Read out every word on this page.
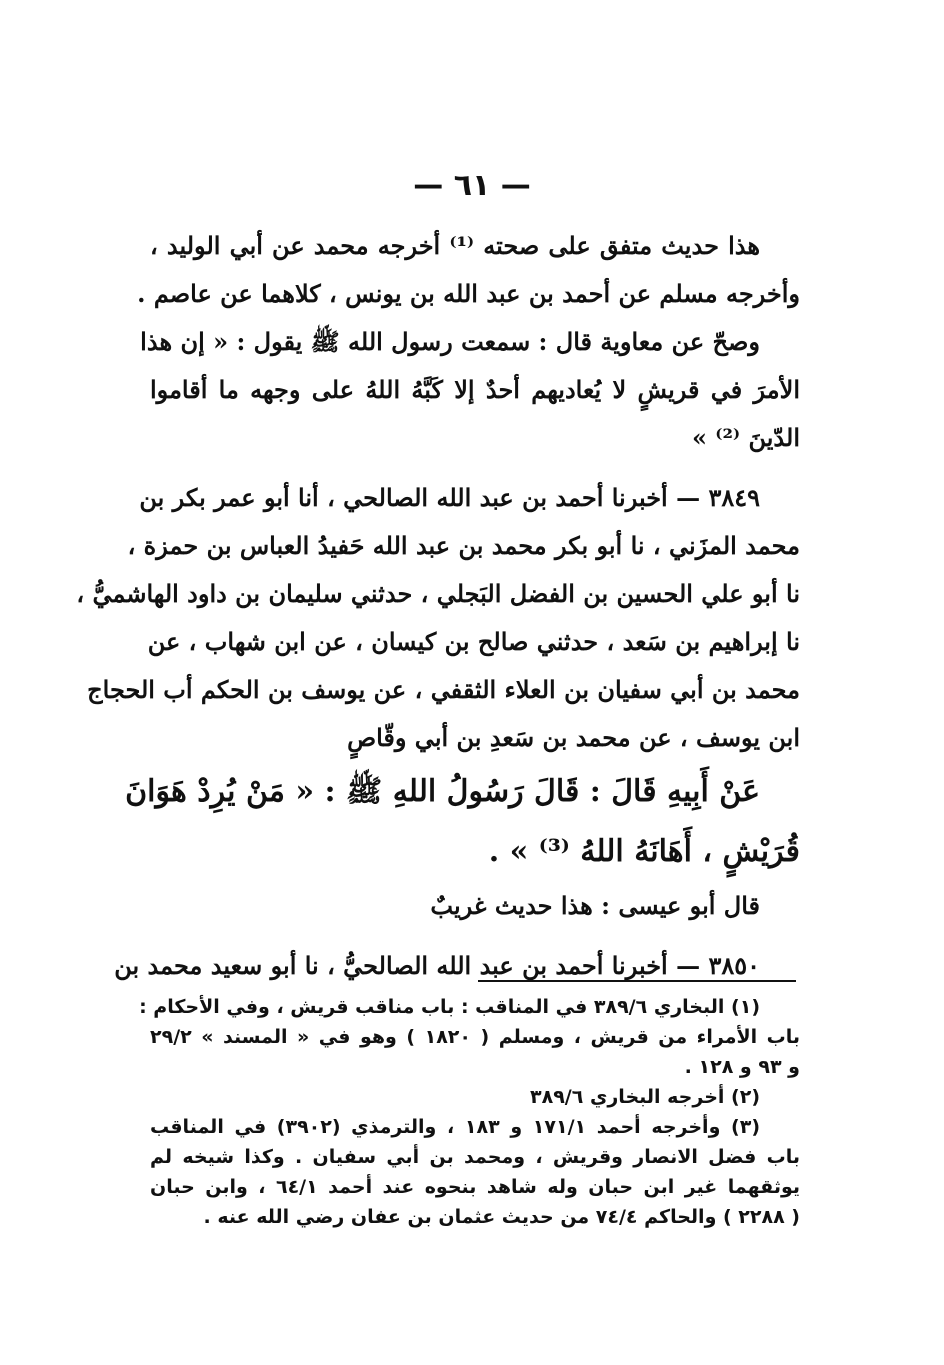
— ٦١ —
هذا حديث متفق على صحته ⁽¹⁾ أخرجه محمد عن أبي الوليد ،
وأخرجه مسلم عن أحمد بن عبد الله بن يونس ، كلاهما عن عاصم .
وصحّ عن معاوية قال : سمعت رسول الله ﷺ يقول : « إن هذا
الأمرَ في قريشٍ لا يُعاديهم أحدٌ إلا كَبَّهُ اللهُ على وجهه ما أقاموا
الدّينَ ⁽²⁾ »
٣٨٤٩ — أخبرنا أحمد بن عبد الله الصالحي ، أنا أبو عمر بكر بن
محمد المزَني ، نا أبو بكر محمد بن عبد الله حَفيدُ العباس بن حمزة ،
نا أبو علي الحسين بن الفضل البَجلي ، حدثني سليمان بن داود الهاشميُّ ،
نا إبراهيم بن سَعد ، حدثني صالح بن كيسان ، عن ابن شهاب ، عن
محمد بن أبي سفيان بن العلاء الثقفي ، عن يوسف بن الحكم أب الحجاج
ابن يوسف ، عن محمد بن سَعدِ بن أبي وقّاصٍ
عَنْ أَبِيهِ قَالَ : قَالَ رَسُولُ اللهِ ﷺ : « مَنْ يُرِدْ هَوَانَ
قُرَيْشٍ ، أَهَانَهُ اللهُ ⁽³⁾ » .
قال أبو عيسى : هذا حديث غريبٌ
٣٨٥٠ — أخبرنا أحمد بن عبد الله الصالحيُّ ، نا أبو سعيد محمد بن
(١) البخاري ٣٨٩/٦ في المناقب : باب مناقب قريش ، وفي الأحكام :
باب الأمراء من قريش ، ومسلم ( ١٨٢٠ ) وهو في « المسند » ٢٩/٢
و ٩٣ و ١٢٨ .
(٢) أخرجه البخاري ٣٨٩/٦
(٣) وأخرجه أحمد ١٧١/١ و ١٨٣ ، والترمذي (٣٩٠٢) في المناقب
باب فضل الانصار وقريش ، ومحمد بن أبي سفيان . وكذا شيخه لم
يوثقهما غير ابن حبان وله شاهد بنحوه عند أحمد ٦٤/١ ، وابن حبان
( ٢٢٨٨ ) والحاكم ٧٤/٤ من حديث عثمان بن عفان رضي الله عنه .
